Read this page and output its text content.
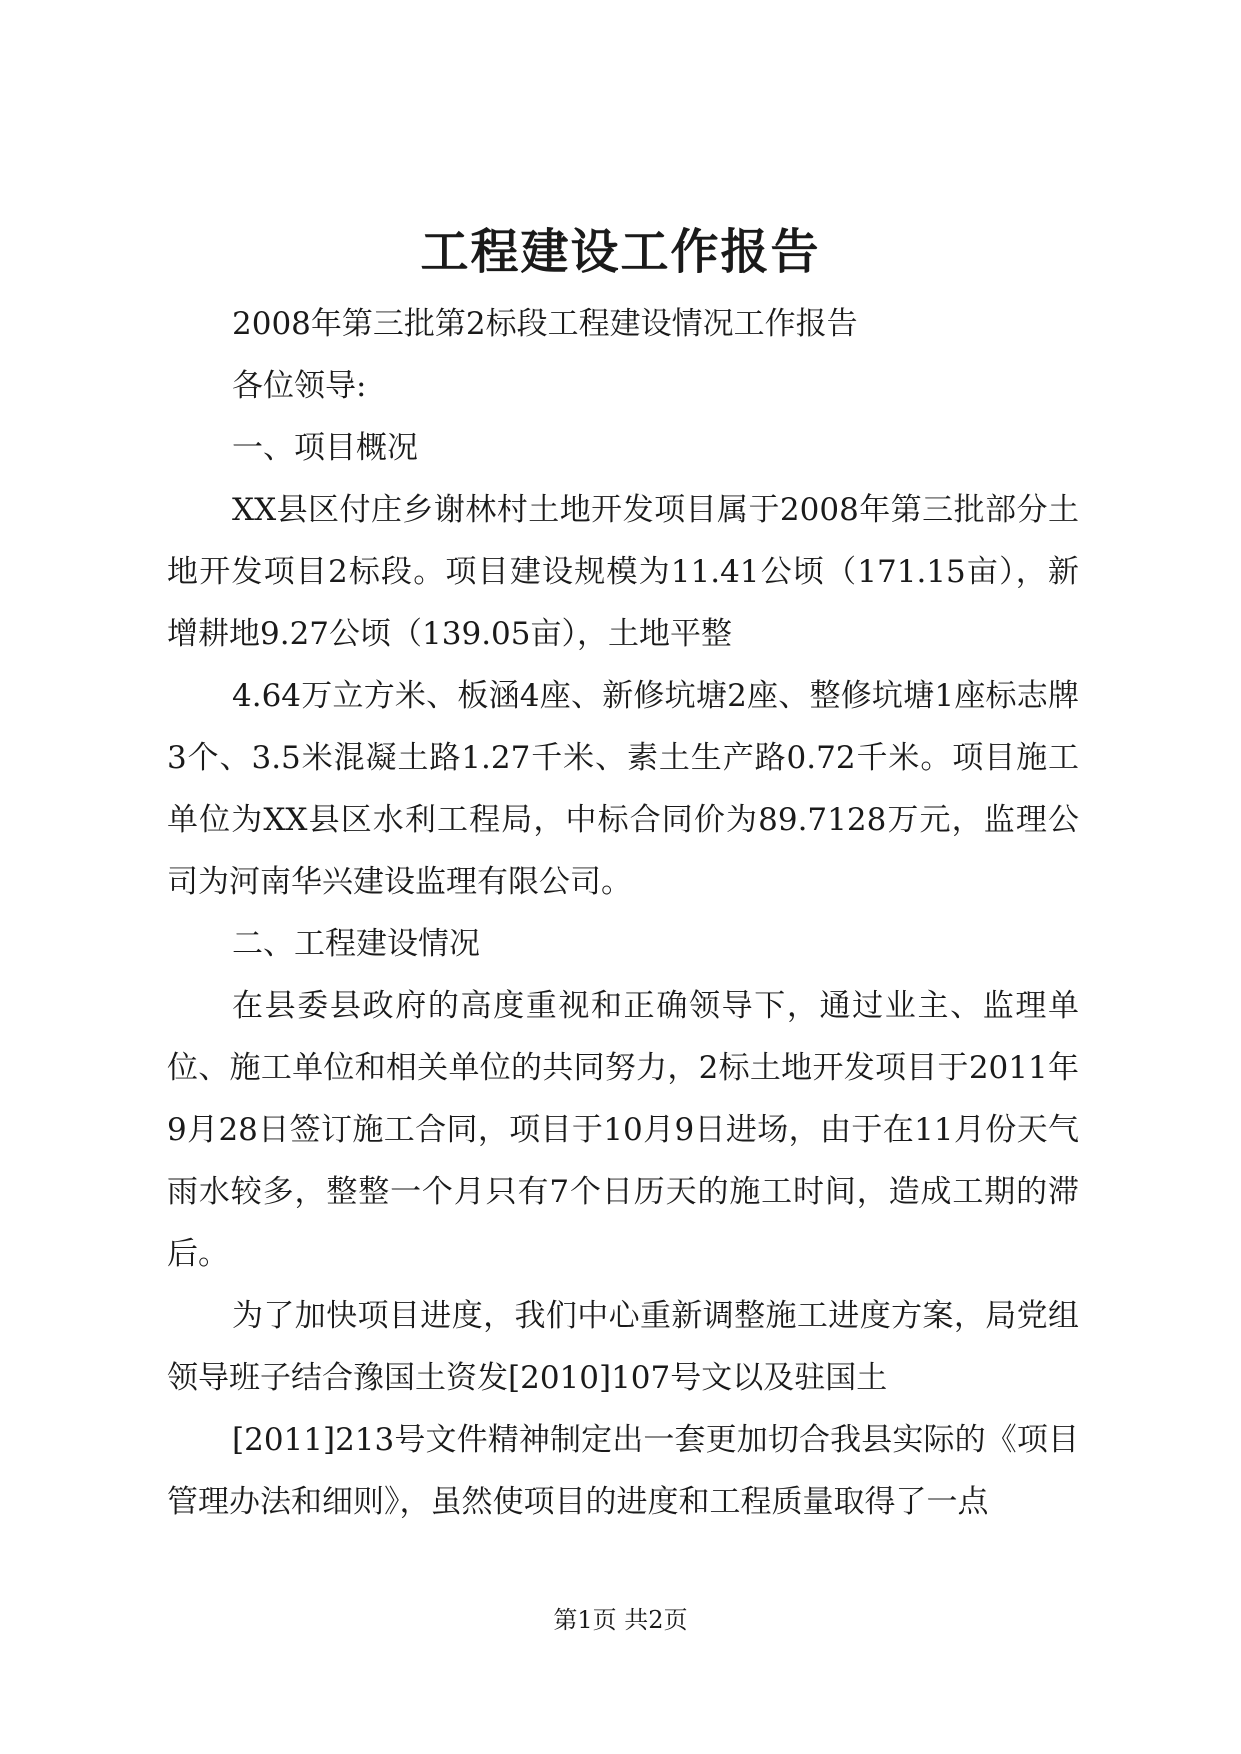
工程建设工作报告

2008年第三批第2标段工程建设情况工作报告

各位领导:

一、项目概况

XX县区付庄乡谢林村土地开发项目属于2008年第三批部分土地开发项目2标段。项目建设规模为11.41公顷（171.15亩），新增耕地9.27公顷（139.05亩），土地平整

4.64万立方米、板涵4座、新修坑塘2座、整修坑塘1座标志牌3个、3.5米混凝土路1.27千米、素土生产路0.72千米。项目施工单位为XX县区水利工程局，中标合同价为89.7128万元，监理公司为河南华兴建设监理有限公司。

二、工程建设情况

在县委县政府的高度重视和正确领导下，通过业主、监理单位、施工单位和相关单位的共同努力，2标土地开发项目于2011年9月28日签订施工合同，项目于10月9日进场，由于在11月份天气雨水较多，整整一个月只有7个日历天的施工时间，造成工期的滞后。

为了加快项目进度，我们中心重新调整施工进度方案，局党组领导班子结合豫国土资发[2010]107号文以及驻国土

[2011]213号文件精神制定出一套更加切合我县实际的《项目管理办法和细则》，虽然使项目的进度和工程质量取得了一点

第1页 共2页
